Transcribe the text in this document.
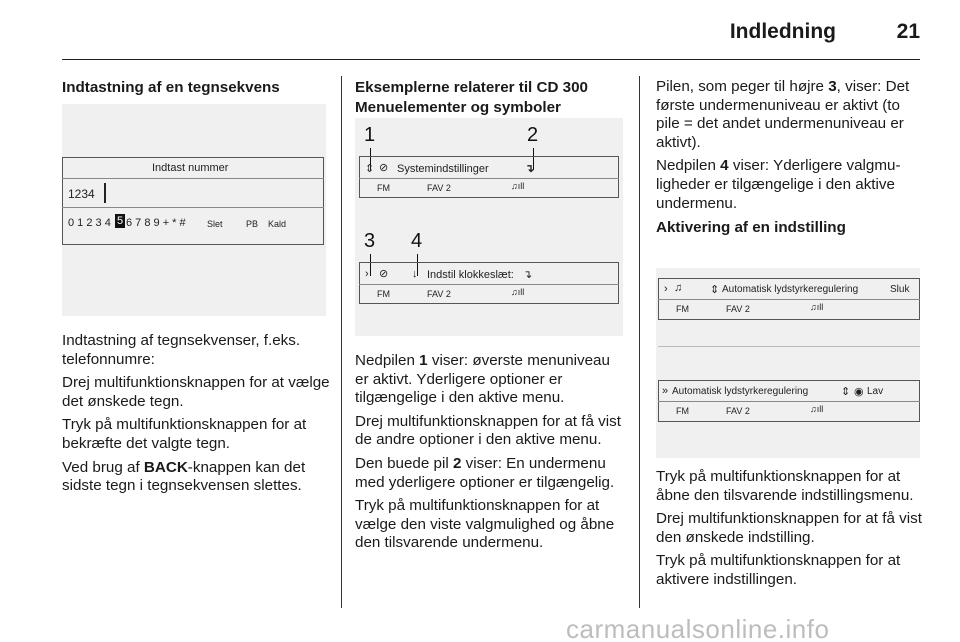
Indledning	21
Indtastning af en tegnsekvens
Indtast nummer
1234
0 1 2 3 4 5 6 7 8 9 + * # Slet	PB Kald

Indtastning af tegnsekvenser, f.eks. telefonnumre:

Drej multifunktionsknappen for at vælge det ønskede tegn.

Tryk på multifunktionsknappen for at bekræfte det valgte tegn.

Ved brug af BACK-knappen kan det sidste tegn i tegnsekvensen slettes.

Eksemplerne relaterer til CD 300
Menuelementer og symboler
1	2
⇕ ⊘ Systemindstillinger	↴
FM	FAV 2	♫ıll
3 4
› ⊘ ↓ Indstil klokkeslæt: ↴
FM	FAV 2	♫ıll

Nedpilen 1 viser: øverste menuniveau er aktivt. Yderligere optioner er tilgængelige i den aktive menu.

Drej multifunktionsknappen for at få vist de andre optioner i den aktive menu.

Den buede pil 2 viser: En undermenu med yderligere optioner er tilgængelig.

Tryk på multifunktionsknappen for at vælge den viste valgmulighed og åbne den tilsvarende undermenu.

Pilen, som peger til højre 3, viser: Det første undermenuniveau er aktivt (to pile = det andet undermenuniveau er aktivt).

Nedpilen 4 viser: Yderligere valgmuligheder er tilgængelige i den aktive undermenu.

Aktivering af en indstilling
› ♫	⇕ Automatisk lydstyrkeregulering	Sluk
FM	FAV 2	♫ıll
» Automatisk lydstyrkeregulering	⇕ ◉ Lav
FM	FAV 2	♫ıll

Tryk på multifunktionsknappen for at åbne den tilsvarende indstillingsmenu.

Drej multifunktionsknappen for at få vist den ønskede indstilling.

Tryk på multifunktionsknappen for at aktivere indstillingen.

carmanualsonline.info
